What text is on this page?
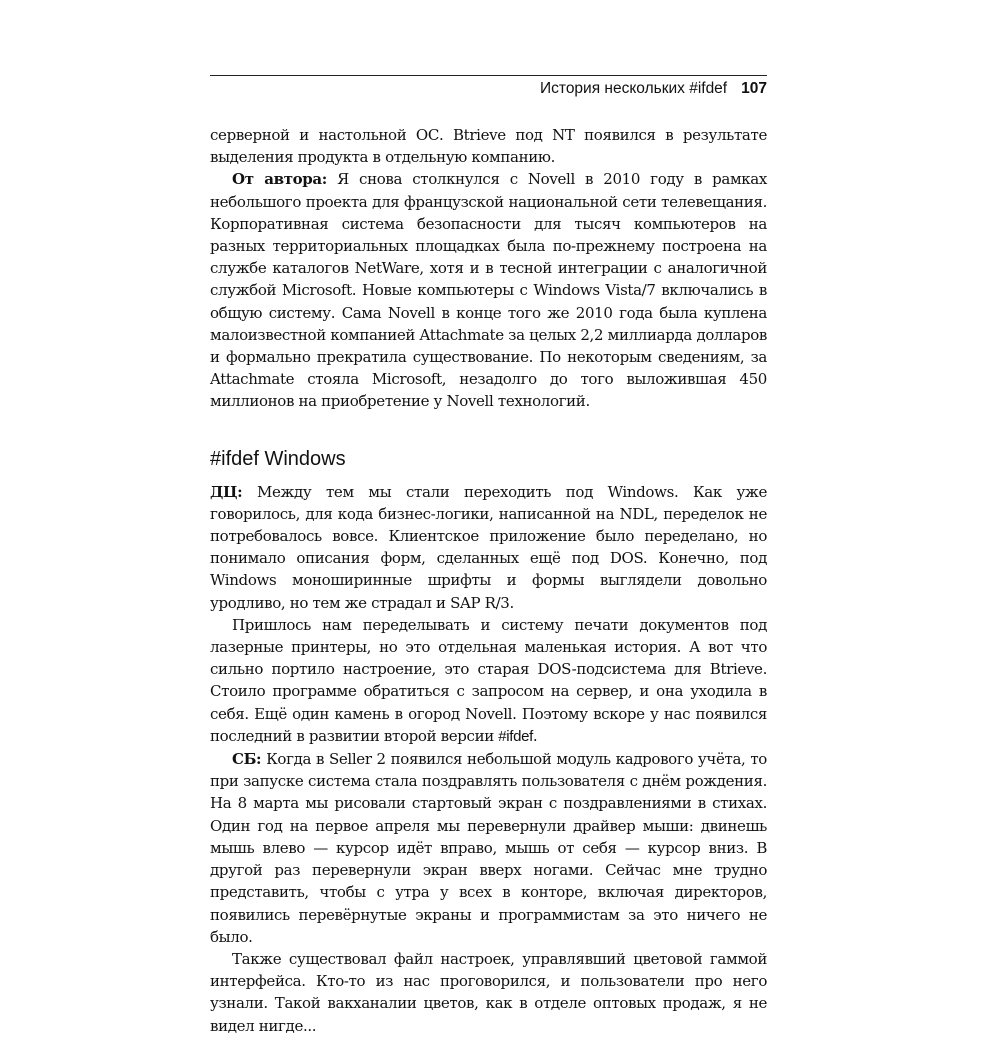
История нескольких #ifdef 107

серверной и настольной ОС. Btrieve под NT появился в результате выделения продукта в отдельную компанию.

От автора: Я снова столкнулся с Novell в 2010 году в рамках небольшого проекта для французской национальной сети телевещания. Корпоративная система безопасности для тысяч компьютеров на разных территориальных площадках была по-прежнему построена на службе каталогов NetWare, хотя и в тесной интеграции с аналогичной службой Microsoft. Новые компьютеры с Windows Vista/7 включались в общую систему. Сама Novell в конце того же 2010 года была куплена малоизвестной компанией Attachmate за целых 2,2 миллиарда долларов и формально прекратила существование. По некоторым сведениям, за Attachmate стояла Microsoft, незадолго до того выложившая 450 миллионов на приобретение у Novell технологий.

#ifdef Windows

ДЦ: Между тем мы стали переходить под Windows. Как уже говорилось, для кода бизнес-логики, написанной на NDL, переделок не потребовалось вовсе. Клиентское приложение было переделано, но понимало описания форм, сделанных ещё под DOS. Конечно, под Windows моноширинные шрифты и формы выглядели довольно уродливо, но тем же страдал и SAP R/3.

Пришлось нам переделывать и систему печати документов под лазерные принтеры, но это отдельная маленькая история. А вот что сильно портило настроение, это старая DOS-подсистема для Btrieve. Стоило программе обратиться с запросом на сервер, и она уходила в себя. Ещё один камень в огород Novell. Поэтому вскоре у нас появился последний в развитии второй версии #ifdef.

СБ: Когда в Seller 2 появился небольшой модуль кадрового учёта, то при запуске система стала поздравлять пользователя с днём рождения. На 8 марта мы рисовали стартовый экран с поздравлениями в стихах. Один год на первое апреля мы перевернули драйвер мыши: двинешь мышь влево — курсор идёт вправо, мышь от себя — курсор вниз. В другой раз перевернули экран вверх ногами. Сейчас мне трудно представить, чтобы с утра у всех в конторе, включая директоров, появились перевёрнутые экраны и программистам за это ничего не было.

Также существовал файл настроек, управлявший цветовой гаммой интерфейса. Кто-то из нас проговорился, и пользователи про него узнали. Такой вакханалии цветов, как в отделе оптовых продаж, я не видел нигде...
